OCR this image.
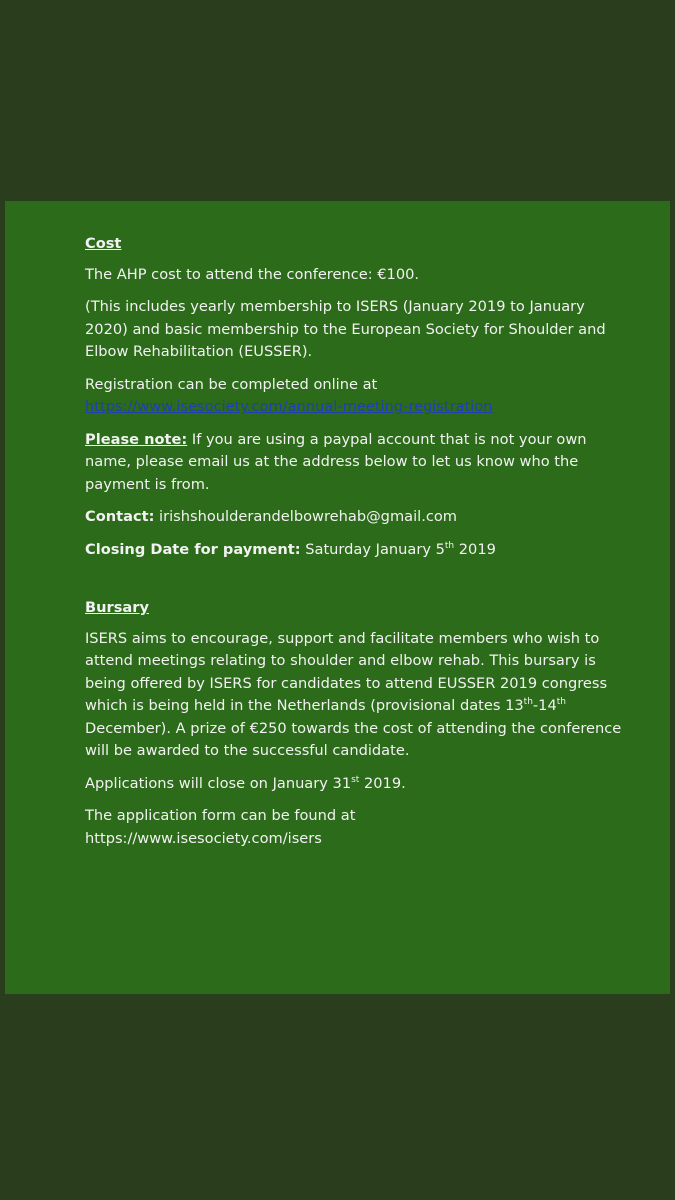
Cost

The AHP cost to attend the conference: €100.

(This includes yearly membership to ISERS (January 2019 to January 2020) and basic membership to the European Society for Shoulder and Elbow Rehabilitation (EUSSER).

Registration can be completed online at
https://www.isesociety.com/annual-meeting-registration

Please note: If you are using a paypal account that is not your own name, please email us at the address below to let us know who the payment is from.

Contact: irishshoulderandelbowrehab@gmail.com

Closing Date for payment: Saturday January 5th 2019

Bursary

ISERS aims to encourage, support and facilitate members who wish to attend meetings relating to shoulder and elbow rehab. This bursary is being offered by ISERS for candidates to attend EUSSER 2019 congress which is being held in the Netherlands (provisional dates 13th-14th December). A prize of €250 towards the cost of attending the conference will be awarded to the successful candidate.

Applications will close on January 31st 2019.

The application form can be found at
https://www.isesociety.com/isers
